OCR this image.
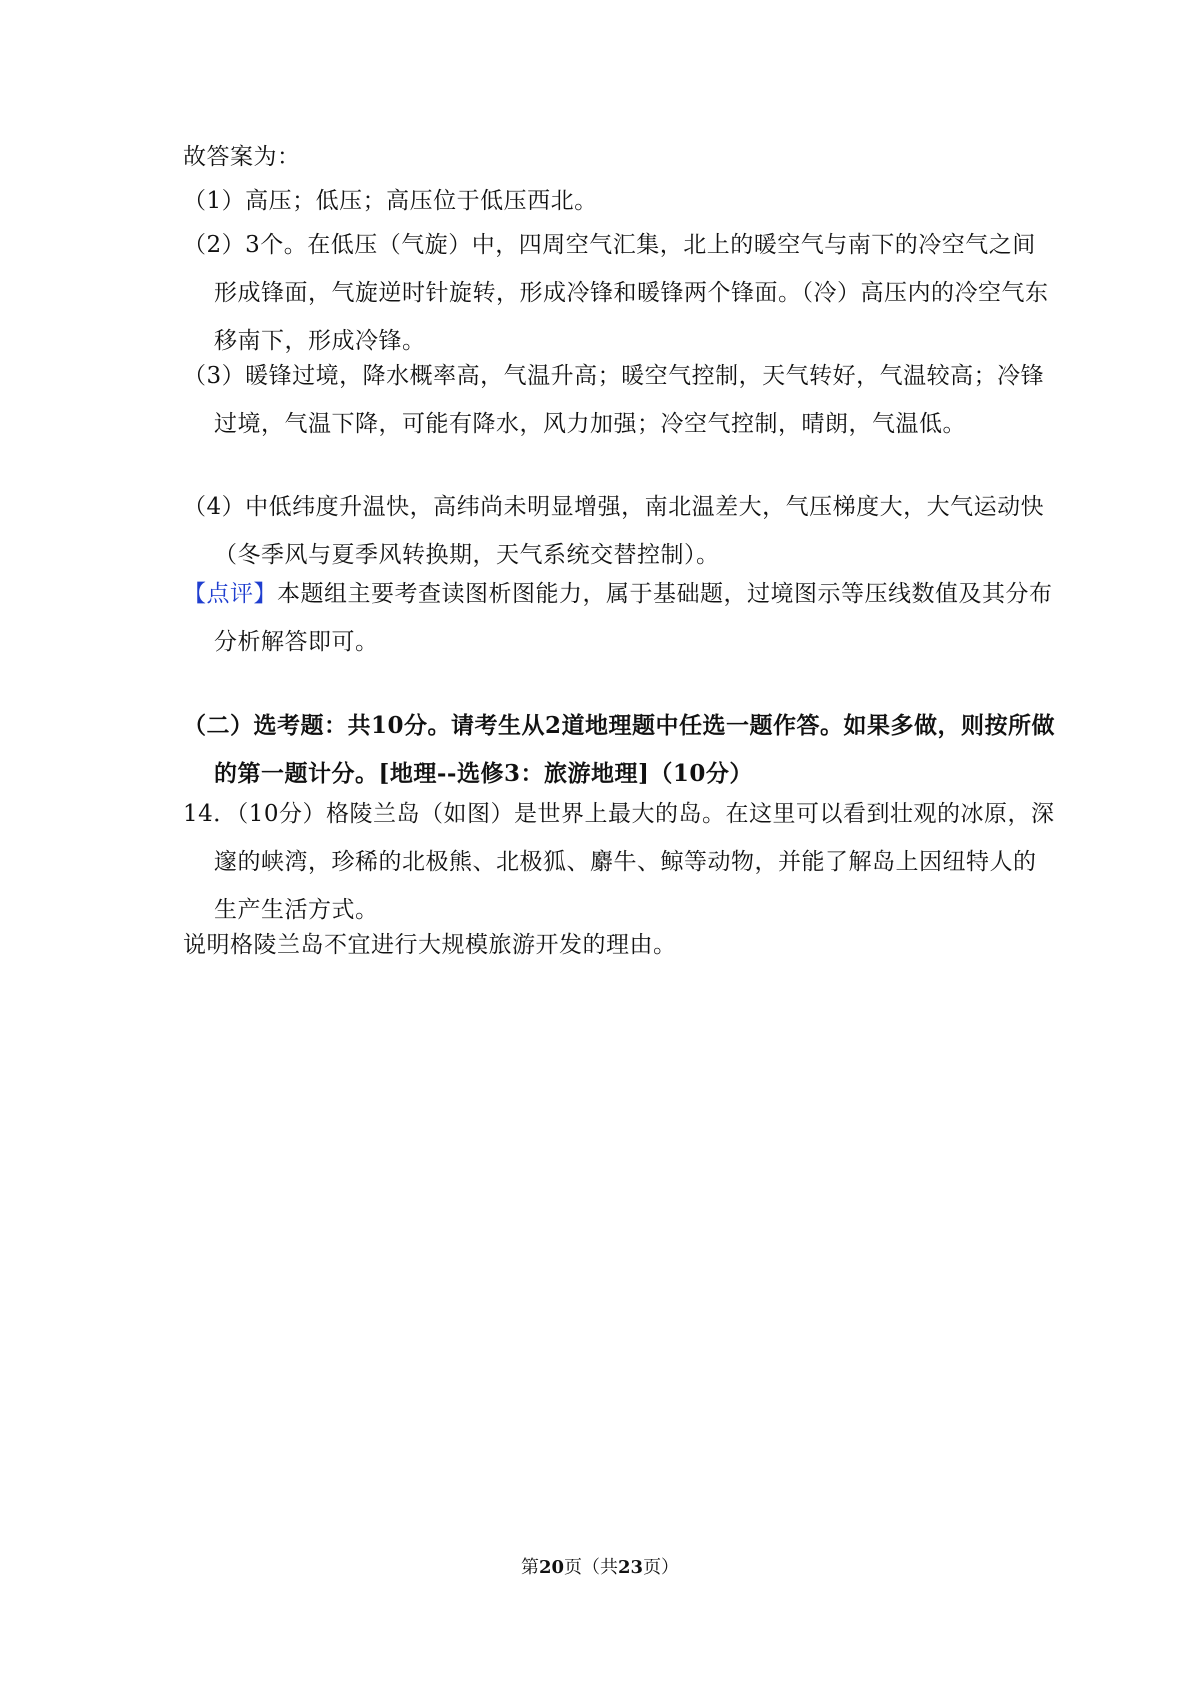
故答案为：
（1）高压；低压；高压位于低压西北。
（2）3个。在低压（气旋）中，四周空气汇集，北上的暖空气与南下的冷空气之间形成锋面，气旋逆时针旋转，形成冷锋和暖锋两个锋面。（冷）高压内的冷空气东移南下，形成冷锋。
（3）暖锋过境，降水概率高，气温升高；暖空气控制，天气转好，气温较高；冷锋过境，气温下降，可能有降水，风力加强；冷空气控制，晴朗，气温低。
（4）中低纬度升温快，高纬尚未明显增强，南北温差大，气压梯度大，大气运动快（冬季风与夏季风转换期，天气系统交替控制）。
【点评】本题组主要考查读图析图能力，属于基础题，过境图示等压线数值及其分布分析解答即可。
（二）选考题：共10分。请考生从2道地理题中任选一题作答。如果多做，则按所做的第一题计分。[地理--选修3：旅游地理]（10分）
14．（10分）格陵兰岛（如图）是世界上最大的岛。在这里可以看到壮观的冰原，深邃的峡湾，珍稀的北极熊、北极狐、麝牛、鲸等动物，并能了解岛上因纽特人的生产生活方式。
说明格陵兰岛不宜进行大规模旅游开发的理由。
第20页（共23页）
